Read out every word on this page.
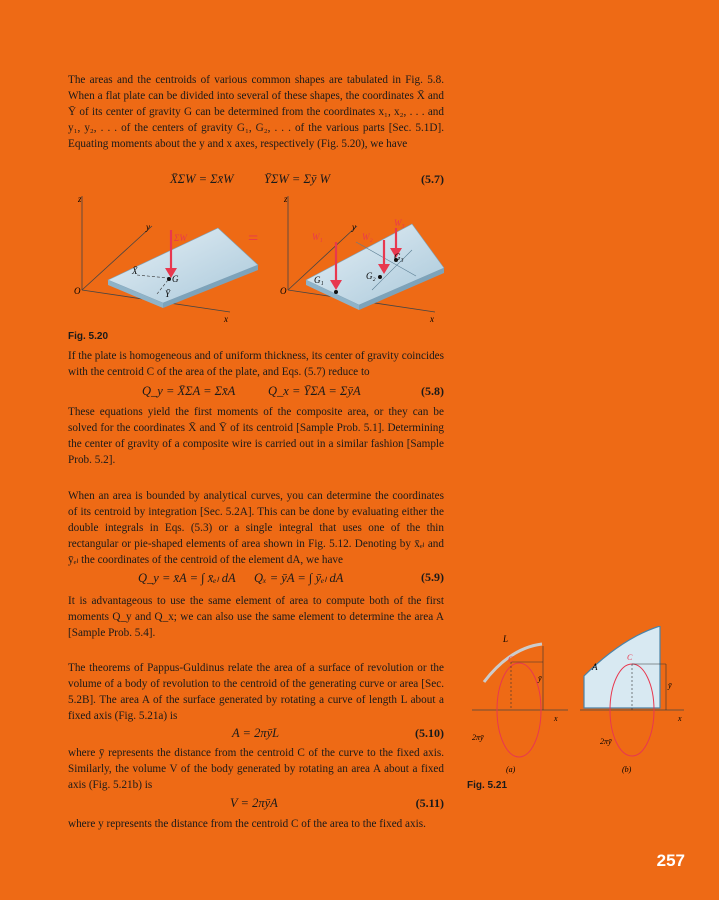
The areas and the centroids of various common shapes are tabulated in Fig. 5.8. When a flat plate can be divided into several of these shapes, the coordinates X̄ and Ȳ of its center of gravity G can be determined from the coordinates x₁, x₂, . . . and y₁, y₂, . . . of the centers of gravity G₁, G₂, . . . of the various parts [Sec. 5.1D]. Equating moments about the y and x axes, respectively (Fig. 5.20), we have

X̄ΣW = Σx̄W ȲΣW = Σȳ W	(5.7)
z
y
x
O
ΣW
X̄
Ȳ
G
=
z
y
x
O
W₁	W₂
W₃
G₁	G₂
G₃
Fig. 5.20

If the plate is homogeneous and of uniform thickness, its center of gravity coincides with the centroid C of the area of the plate, and Eqs. (5.7) reduce to

Q_y = X̄ΣA = Σx̄A	Q_x = ȲΣA = ΣȳA	(5.8)

These equations yield the first moments of the composite area, or they can be solved for the coordinates X̄ and Ȳ of its centroid [Sample Prob. 5.1]. Determining the center of gravity of a composite wire is carried out in a similar fashion [Sample Prob. 5.2].

When an area is bounded by analytical curves, you can determine the coordinates of its centroid by integration [Sec. 5.2A]. This can be done by evaluating either the double integrals in Eqs. (5.3) or a single integral that uses one of the thin rectangular or pie-shaped elements of area shown in Fig. 5.12. Denoting by x̄ₑₗ and ȳₑₗ the coordinates of the centroid of the element dA, we have

Q_y = x̄A = ∫ x̄ₑₗ dA Qₓ = ȳA = ∫ ȳₑₗ dA	(5.9)

It is advantageous to use the same element of area to compute both of the first moments Q_y and Q_x; we can also use the same element to determine the area A [Sample Prob. 5.4].

The theorems of Pappus-Guldinus relate the area of a surface of revolution or the volume of a body of revolution to the centroid of the generating curve or area [Sec. 5.2B]. The area A of the surface generated by rotating a curve of length L about a fixed axis (Fig. 5.21a) is

A = 2πȳL	(5.10)

where ȳ represents the distance from the centroid C of the curve to the fixed axis. Similarly, the volume V of the body generated by rotating an area A about a fixed axis (Fig. 5.21b) is

V = 2πȳA	(5.11)

where y represents the distance from the centroid C of the area to the fixed axis.

L
C
ȳ
x
2πȳ
(a)
A
C
ȳ
x
2πȳ
(b)
Fig. 5.21
257
